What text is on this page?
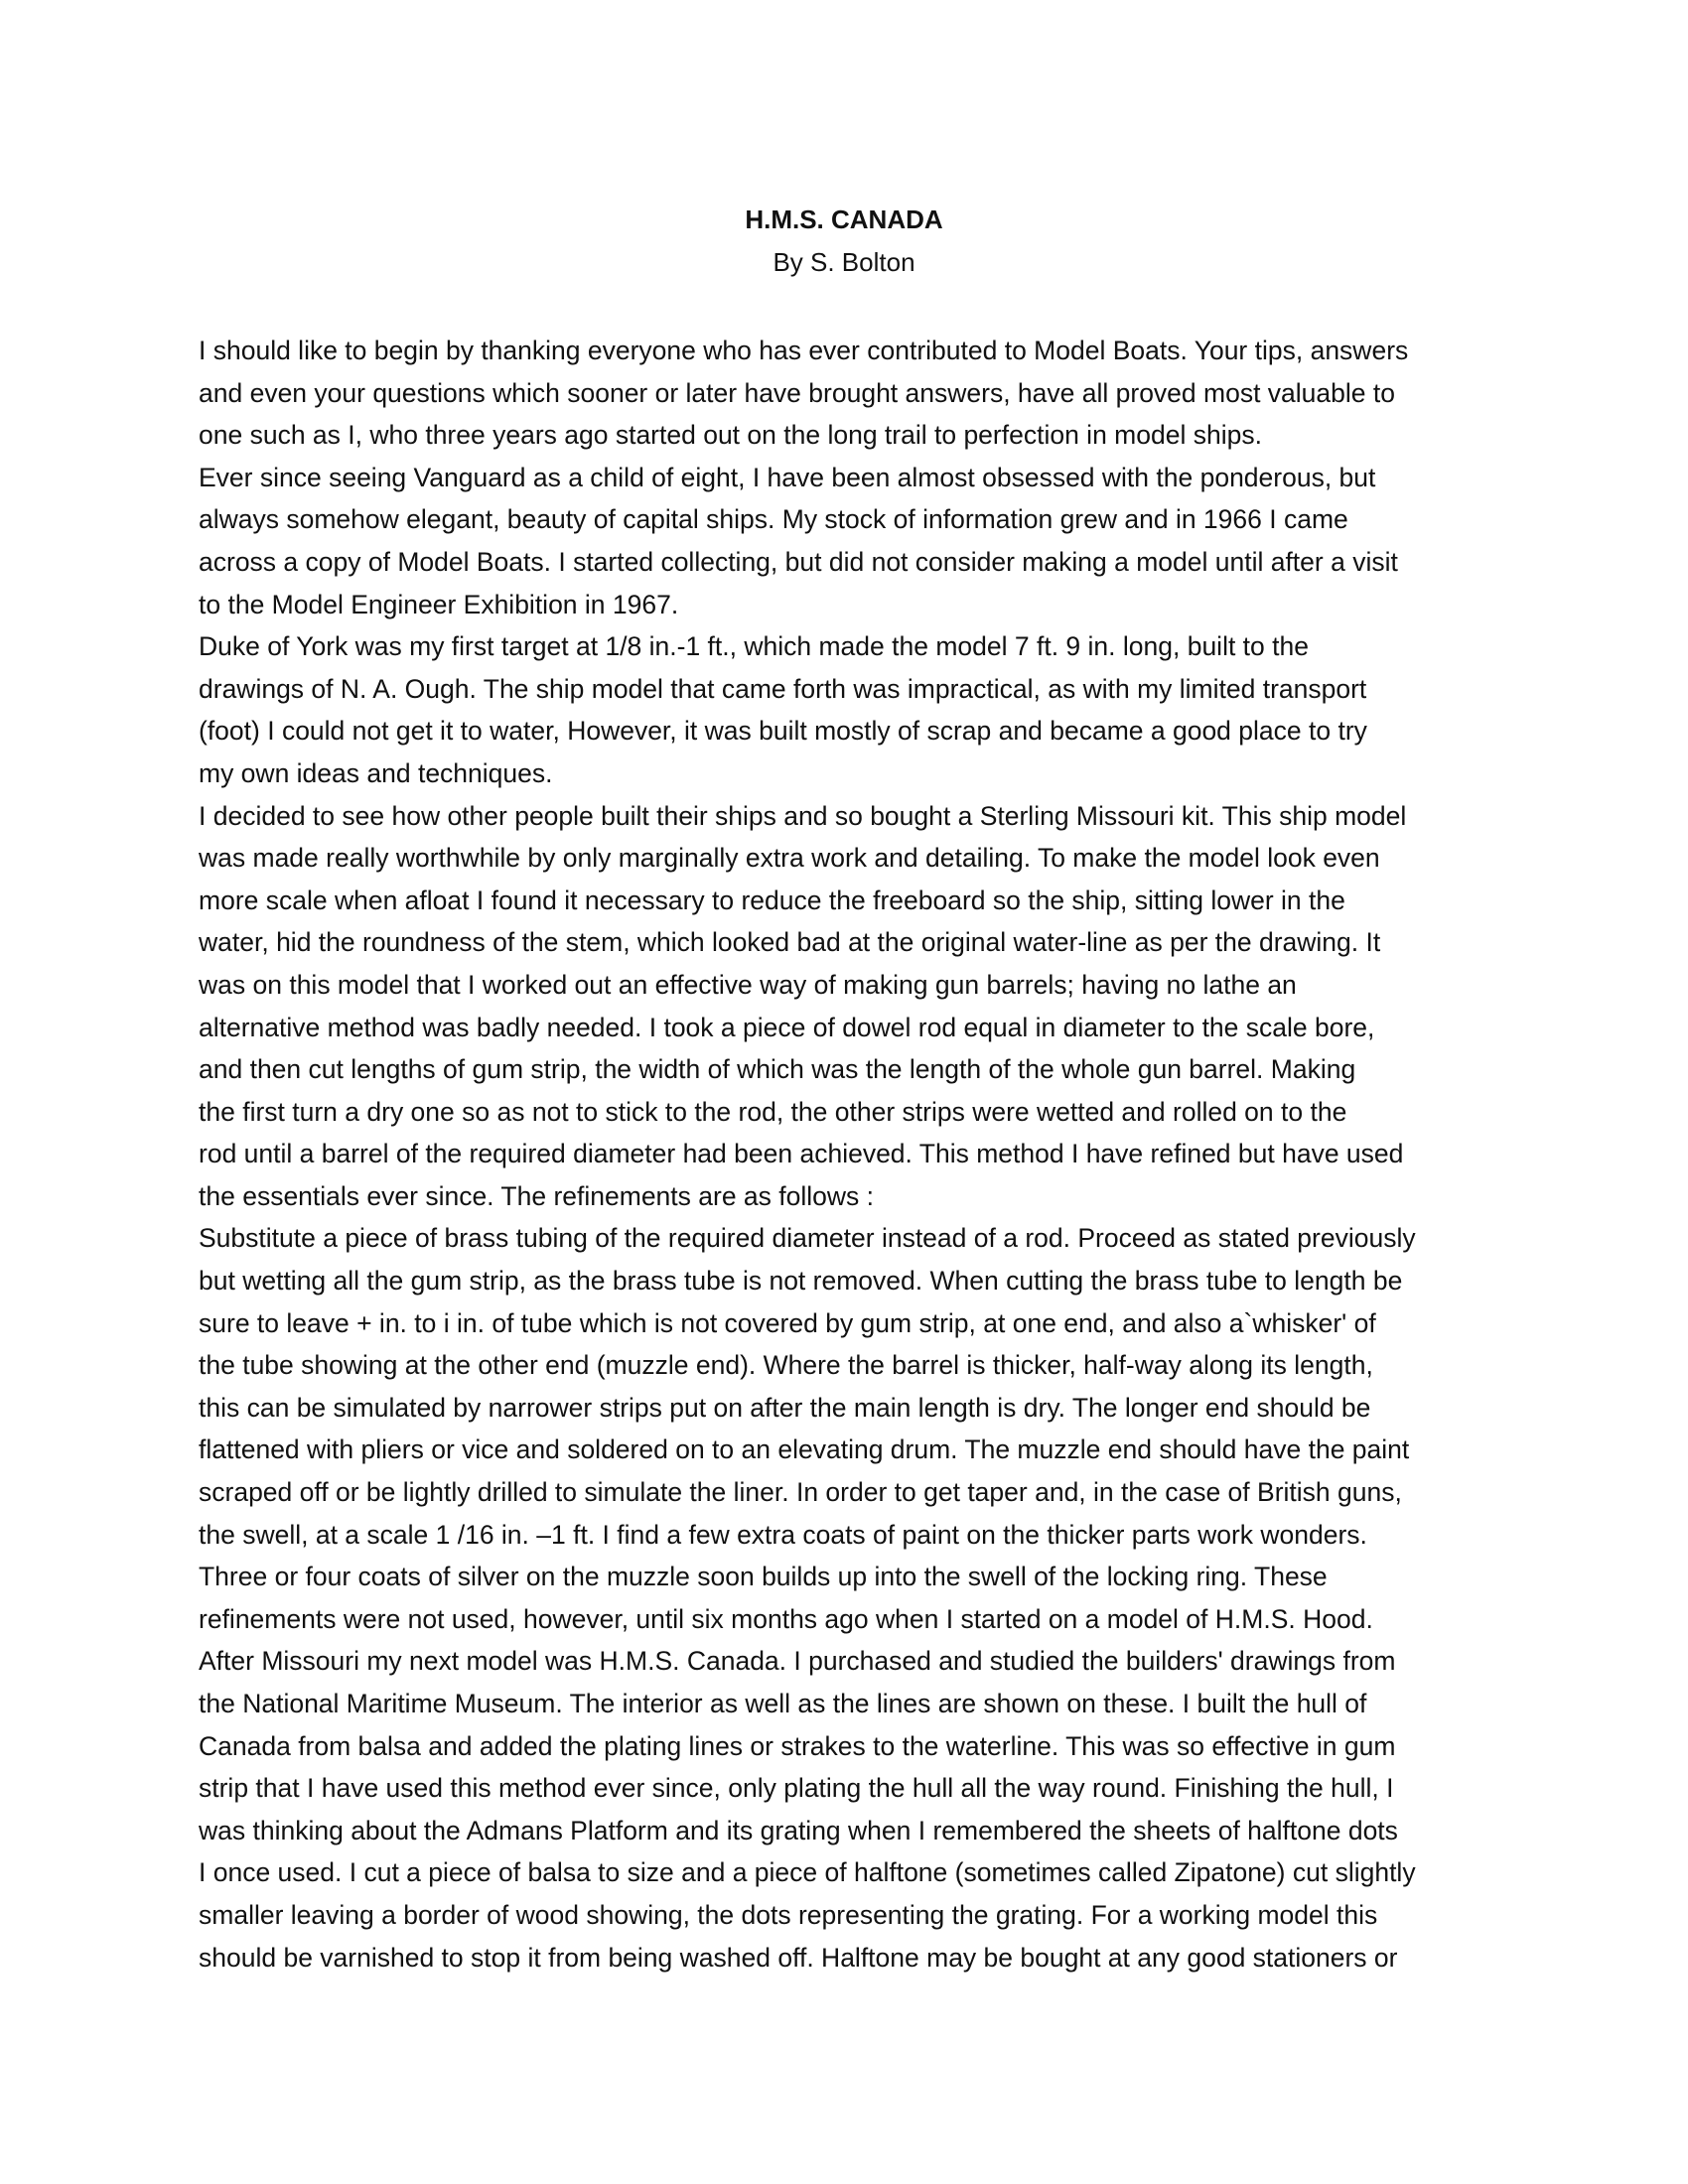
H.M.S. CANADA

By S. Bolton

I should like to begin by thanking everyone who has ever contributed to Model Boats. Your tips, answers
and even your questions which sooner or later have brought answers, have all proved most valuable to
one such as I, who three years ago started out on the long trail to perfection in model ships.
Ever since seeing Vanguard as a child of eight, I have been almost obsessed with the ponderous, but
always somehow elegant, beauty of capital ships. My stock of information grew and in 1966 I came
across a copy of Model Boats. I started collecting, but did not consider making a model until after a visit
to the Model Engineer Exhibition in 1967.
Duke of York was my first target at 1/8 in.-1 ft., which made the model 7 ft. 9 in. long, built to the
drawings of N. A. Ough. The ship model that came forth was impractical, as with my limited transport
(foot) I could not get it to water, However, it was built mostly of scrap and became a good place to try
my own ideas and techniques.
I decided to see how other people built their ships and so bought a Sterling Missouri kit. This ship model
was made really worthwhile by only marginally extra work and detailing. To make the model look even
more scale when afloat I found it necessary to reduce the freeboard so the ship, sitting lower in the
water, hid the roundness of the stem, which looked bad at the original water-line as per the drawing. It
was on this model that I worked out an effective way of making gun barrels; having no lathe an
alternative method was badly needed. I took a piece of dowel rod equal in diameter to the scale bore,
and then cut lengths of gum strip, the width of which was the length of the whole gun barrel. Making
the first turn a dry one so as not to stick to the rod, the other strips were wetted and rolled on to the
rod until a barrel of the required diameter had been achieved. This method I have refined but have used
the essentials ever since. The refinements are as follows :
Substitute a piece of brass tubing of the required diameter instead of a rod. Proceed as stated previously
but wetting all the gum strip, as the brass tube is not removed. When cutting the brass tube to length be
sure to leave + in. to i in. of tube which is not covered by gum strip, at one end, and also a`whisker' of
the tube showing at the other end (muzzle end). Where the barrel is thicker, half-way along its length,
this can be simulated by narrower strips put on after the main length is dry. The longer end should be
flattened with pliers or vice and soldered on to an elevating drum. The muzzle end should have the paint
scraped off or be lightly drilled to simulate the liner. In order to get taper and, in the case of British guns,
the swell, at a scale 1 /16 in. –1 ft. I find a few extra coats of paint on the thicker parts work wonders.
Three or four coats of silver on the muzzle soon builds up into the swell of the locking ring. These
refinements were not used, however, until six months ago when I started on a model of H.M.S. Hood.
After Missouri my next model was H.M.S. Canada. I purchased and studied the builders' drawings from
the National Maritime Museum. The interior as well as the lines are shown on these. I built the hull of
Canada from balsa and added the plating lines or strakes to the waterline. This was so effective in gum
strip that I have used this method ever since, only plating the hull all the way round. Finishing the hull, I
was thinking about the Admans Platform and its grating when I remembered the sheets of halftone dots
I once used. I cut a piece of balsa to size and a piece of halftone (sometimes called Zipatone) cut slightly
smaller leaving a border of wood showing, the dots representing the grating. For a working model this
should be varnished to stop it from being washed off. Halftone may be bought at any good stationers or
